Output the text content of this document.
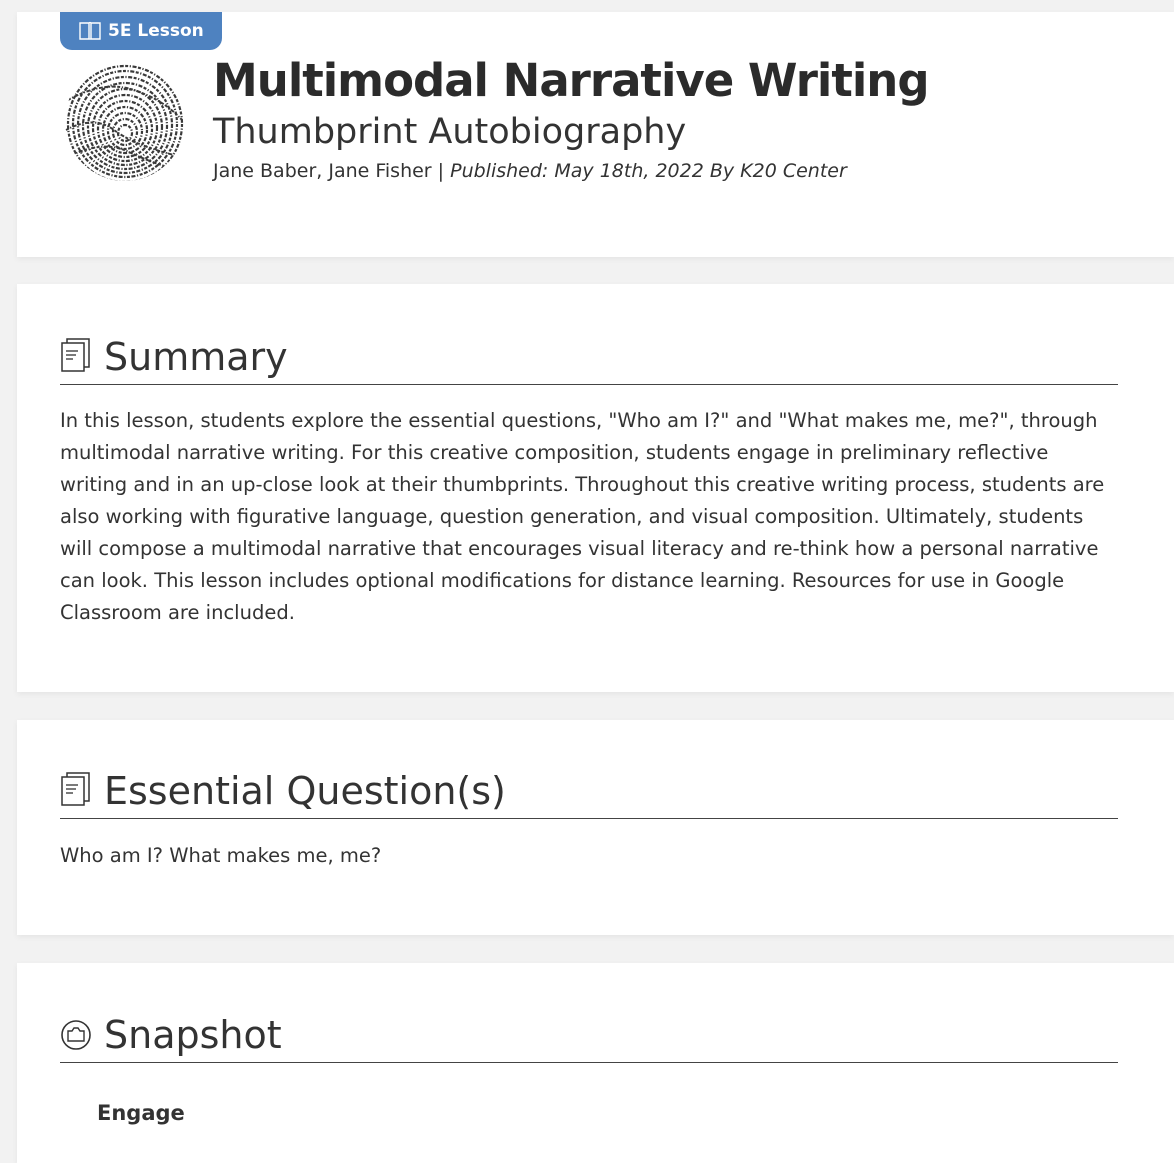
5E Lesson
Multimodal Narrative Writing
Thumbprint Autobiography
Jane Baber, Jane Fisher | Published: May 18th, 2022 By K20 Center
Summary

In this lesson, students explore the essential questions, "Who am I?" and "What makes me, me?", through multimodal narrative writing. For this creative composition, students engage in preliminary reflective writing and in an up-close look at their thumbprints. Throughout this creative writing process, students are also working with figurative language, question generation, and visual composition. Ultimately, students will compose a multimodal narrative that encourages visual literacy and re-think how a personal narrative can look. This lesson includes optional modifications for distance learning. Resources for use in Google Classroom are included.

Essential Question(s)

Who am I? What makes me, me?

Snapshot
Engage
